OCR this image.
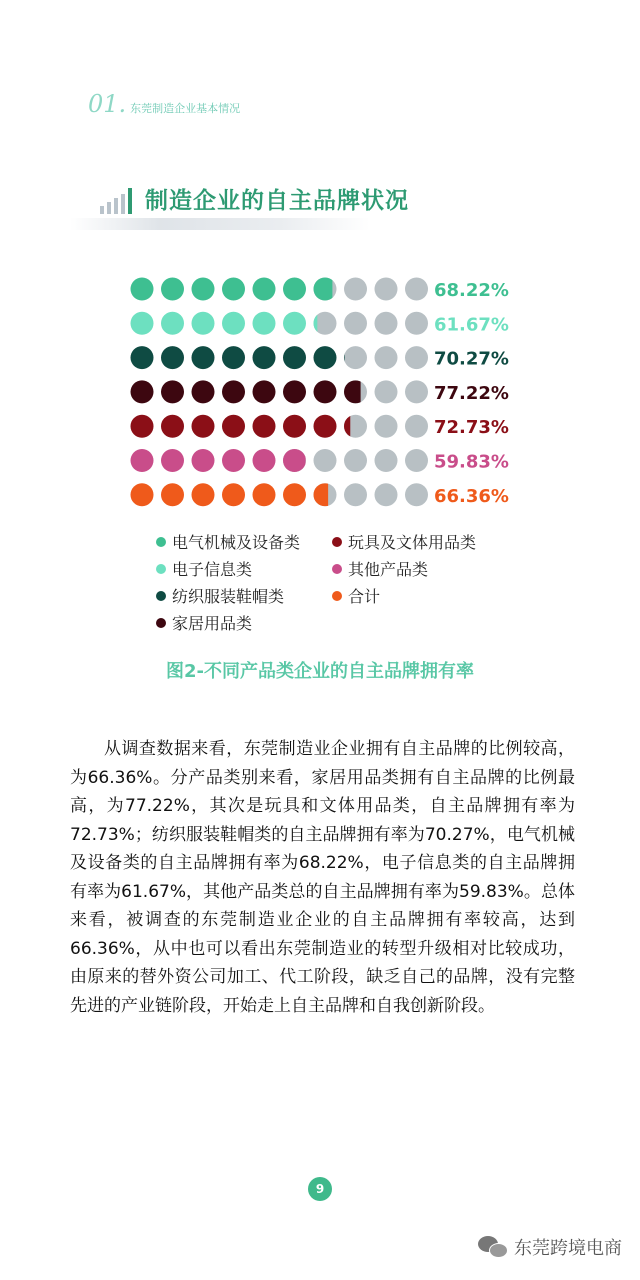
01. 东莞制造企业基本情况
制造企业的自主品牌状况
68.22%
61.67%
70.27%
77.22%
72.73%
59.83%
66.36%
电气机械及设备类	玩具及文体用品类
电子信息类	其他产品类
纺织服装鞋帽类	合计
家居用品类
图2-不同产品类企业的自主品牌拥有率

从调查数据来看，东莞制造业企业拥有自主品牌的比例较高，为66.36%。分产品类别来看，家居用品类拥有自主品牌的比例最高，为77.22%，其次是玩具和文体用品类，自主品牌拥有率为72.73%；纺织服装鞋帽类的自主品牌拥有率为70.27%，电气机械及设备类的自主品牌拥有率为68.22%，电子信息类的自主品牌拥有率为61.67%，其他产品类总的自主品牌拥有率为59.83%。总体来看，被调查的东莞制造业企业的自主品牌拥有率较高，达到66.36%，从中也可以看出东莞制造业的转型升级相对比较成功，由原来的替外资公司加工、代工阶段，缺乏自己的品牌，没有完整先进的产业链阶段，开始走上自主品牌和自我创新阶段。

9
东莞跨境电商
